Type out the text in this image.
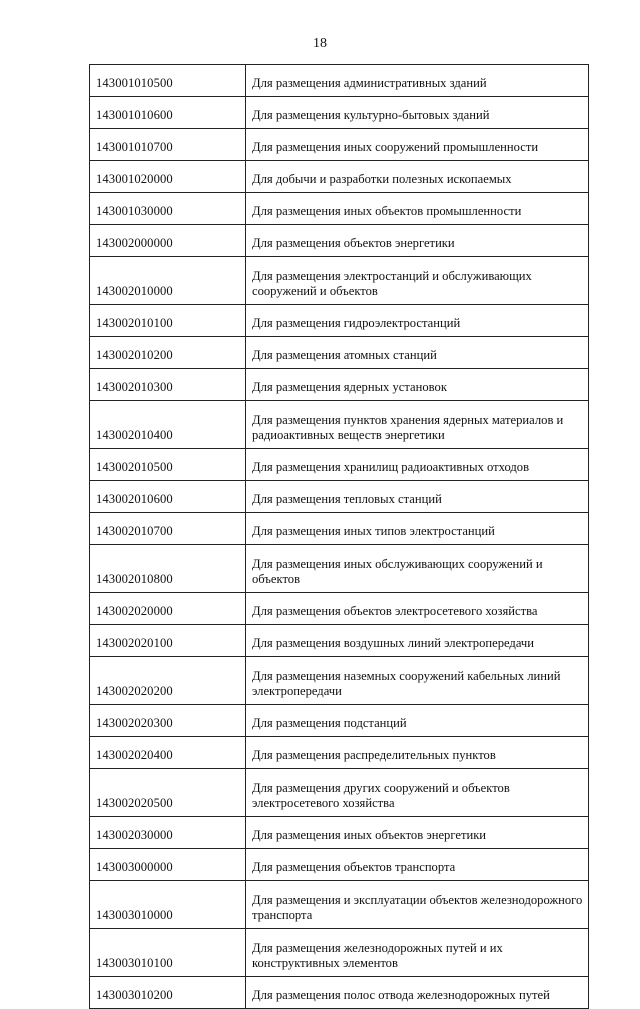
18
143001010500	Для размещения административных зданий
143001010600	Для размещения культурно-бытовых зданий
143001010700	Для размещения иных сооружений промышленности
143001020000	Для добычи и разработки полезных ископаемых
143001030000	Для размещения иных объектов промышленности
143002000000	Для размещения объектов энергетики
143002010000	Для размещения электростанций и обслуживающих сооружений и объектов
143002010100	Для размещения гидроэлектростанций
143002010200	Для размещения атомных станций
143002010300	Для размещения ядерных установок
143002010400	Для размещения пунктов хранения ядерных материалов и радиоактивных веществ энергетики
143002010500	Для размещения хранилищ радиоактивных отходов
143002010600	Для размещения тепловых станций
143002010700	Для размещения иных типов электростанций
143002010800	Для размещения иных обслуживающих сооружений и объектов
143002020000	Для размещения объектов электросетевого хозяйства
143002020100	Для размещения воздушных линий электропередачи
143002020200	Для размещения наземных сооружений кабельных линий электропередачи
143002020300	Для размещения подстанций
143002020400	Для размещения распределительных пунктов
143002020500	Для размещения других сооружений и объектов электросетевого хозяйства
143002030000	Для размещения иных объектов энергетики
143003000000	Для размещения объектов транспорта
143003010000	Для размещения и эксплуатации объектов железнодорожного транспорта
143003010100	Для размещения железнодорожных путей и их конструктивных элементов
143003010200	Для размещения полос отвода железнодорожных путей
